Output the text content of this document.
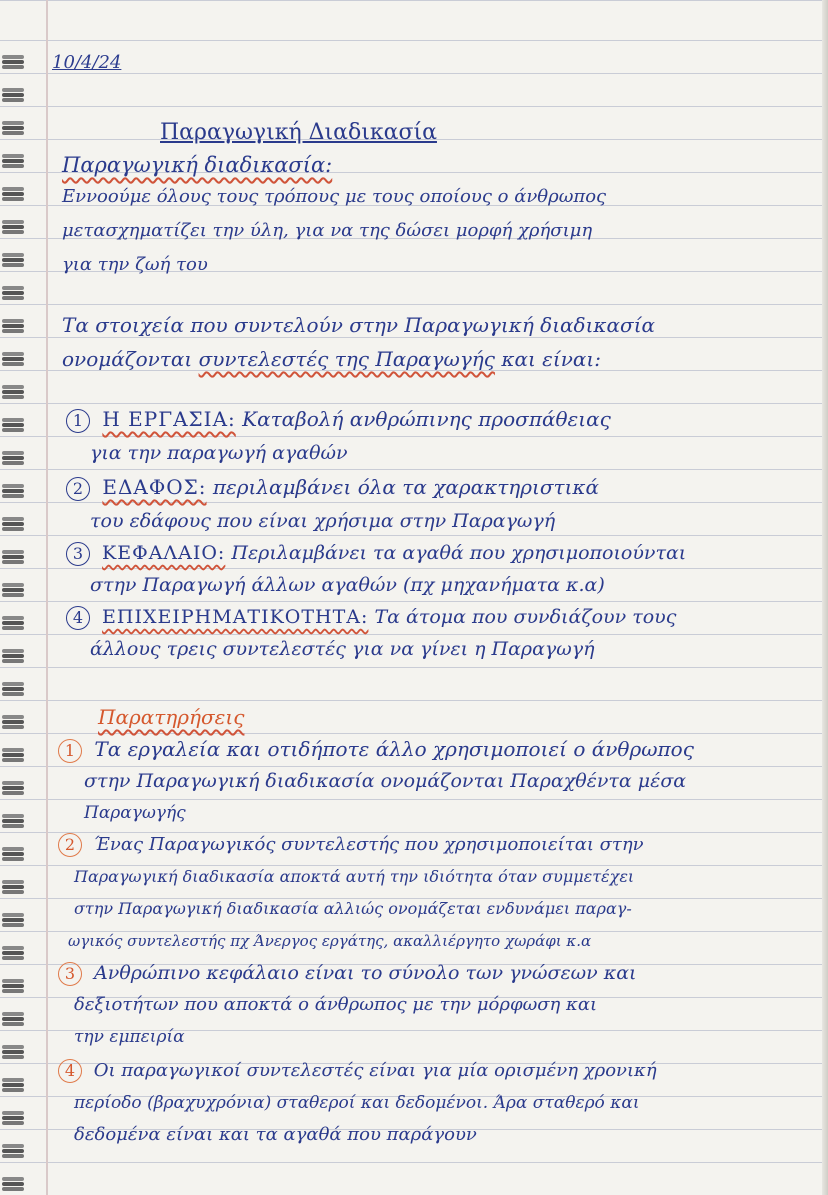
10/4/24
Παραγωγική Διαδικασία
Παραγωγική διαδικασία:
Εννοούμε όλους τους τρόπους με τους οποίους ο άνθρωπος
μετασχηματίζει την ύλη, για να της δώσει μορφή χρήσιμη
για την ζωή του
Τα στοιχεία που συντελούν στην Παραγωγική διαδικασία
ονομάζονται συντελεστές της Παραγωγής και είναι:
1 Η ΕΡΓΑΣΙΑ: Καταβολή ανθρώπινης προσπάθειας
για την παραγωγή αγαθών
2 ΕΔΑΦΟΣ: περιλαμβάνει όλα τα χαρακτηριστικά
του εδάφους που είναι χρήσιμα στην Παραγωγή
3 ΚΕΦΑΛΑΙΟ: Περιλαμβάνει τα αγαθά που χρησιμοποιούνται
στην Παραγωγή άλλων αγαθών (πχ μηχανήματα κ.α)
4 ΕΠΙΧΕΙΡΗΜΑΤΙΚΟΤΗΤΑ: Τα άτομα που συνδιάζουν τους
άλλους τρεις συντελεστές για να γίνει η Παραγωγή
Παρατηρήσεις
1 Τα εργαλεία και οτιδήποτε άλλο χρησιμοποιεί ο άνθρωπος
στην Παραγωγική διαδικασία ονομάζονται Παραχθέντα μέσα
Παραγωγής
2 Ένας Παραγωγικός συντελεστής που χρησιμοποιείται στην
Παραγωγική διαδικασία αποκτά αυτή την ιδιότητα όταν συμμετέχει
στην Παραγωγική διαδικασία αλλιώς ονομάζεται ενδυνάμει παραγ-
ωγικός συντελεστής πχ Άνεργος εργάτης, ακαλλιέργητο χωράφι κ.α
3 Ανθρώπινο κεφάλαιο είναι το σύνολο των γνώσεων και
δεξιοτήτων που αποκτά ο άνθρωπος με την μόρφωση και
την εμπειρία
4 Οι παραγωγικοί συντελεστές είναι για μία ορισμένη χρονική
περίοδο (βραχυχρόνια) σταθεροί και δεδομένοι. Άρα σταθερό και
δεδομένα είναι και τα αγαθά που παράγουν
